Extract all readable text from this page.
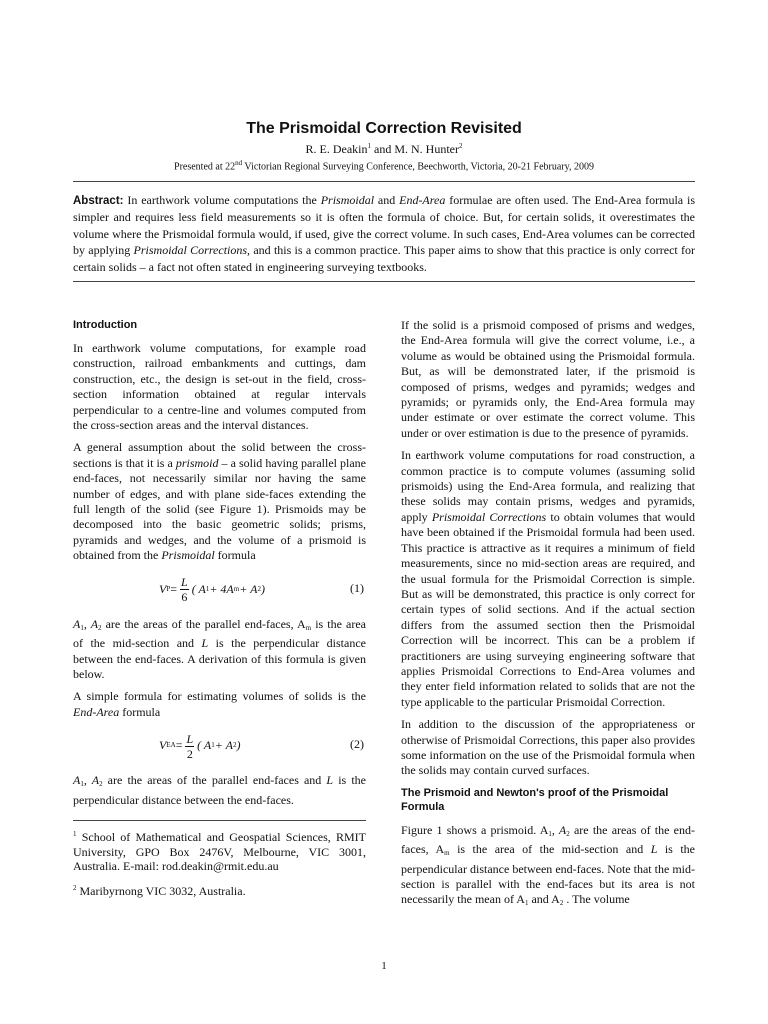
The Prismoidal Correction Revisited
R. E. Deakin$^1$ and M. N. Hunter$^2$
Presented at 22nd Victorian Regional Surveying Conference, Beechworth, Victoria, 20-21 February, 2009

Abstract: In earthwork volume computations the Prismoidal and End-Area formulae are often used. The End-Area formula is simpler and requires less field measurements so it is often the formula of choice. But, for certain solids, it overestimates the volume where the Prismoidal formula would, if used, give the correct volume. In such cases, End-Area volumes can be corrected by applying Prismoidal Corrections, and this is a common practice. This paper aims to show that this practice is only correct for certain solids – a fact not often stated in engineering surveying textbooks.

Introduction

In earthwork volume computations, for example road construction, railroad embankments and cuttings, dam construction, etc., the design is set-out in the field, cross-section information obtained at regular intervals perpendicular to a centre-line and volumes computed from the cross-section areas and the interval distances.

A general assumption about the solid between the cross-sections is that it is a prismoid – a solid having parallel plane end-faces, not necessarily similar nor having the same number of edges, and with plane side-faces extending the full length of the solid (see Figure 1). Prismoids may be decomposed into the basic geometric solids; prisms, pyramids and wedges, and the volume of a prismoid is obtained from the Prismoidal formula

V $P = \frac{L}{6}$ ( A 1 + 4A m + A 2 )	(1)

$A_1$, $A_2$ are the areas of the parallel end-faces, $A_m$ is the area of the mid-section and L is the perpendicular distance between the end-faces. A derivation of this formula is given below.

A simple formula for estimating volumes of solids is the End-Area formula

V EA = $\frac{L}{2}$ ( A 1 + A 2 )	(2)

$A_1$, $A_2$ are the areas of the parallel end-faces and L is the perpendicular distance between the end-faces.

$^1$ School of Mathematical and Geospatial Sciences, RMIT University, GPO Box 2476V, Melbourne, VIC 3001, Australia. E-mail: rod.deakin@rmit.edu.au

$^2$ Maribyrnong VIC 3032, Australia.

If the solid is a prismoid composed of prisms and wedges, the End-Area formula will give the correct volume, i.e., a volume as would be obtained using the Prismoidal formula. But, as will be demonstrated later, if the prismoid is composed of prisms, wedges and pyramids; wedges and pyramids; or pyramids only, the End-Area formula may under estimate or over estimate the correct volume. This under or over estimation is due to the presence of pyramids.

In earthwork volume computations for road construction, a common practice is to compute volumes (assuming solid prismoids) using the End-Area formula, and realizing that these solids may contain prisms, wedges and pyramids, apply Prismoidal Corrections to obtain volumes that would have been obtained if the Prismoidal formula had been used. This practice is attractive as it requires a minimum of field measurements, since no mid-section areas are required, and the usual formula for the Prismoidal Correction is simple. But as will be demonstrated, this practice is only correct for certain types of solid sections. And if the actual section differs from the assumed section then the Prismoidal Correction will be incorrect. This can be a problem if practitioners are using surveying engineering software that applies Prismoidal Corrections to End-Area volumes and they enter field information related to solids that are not the type applicable to the particular Prismoidal Correction.

In addition to the discussion of the appropriateness or otherwise of Prismoidal Corrections, this paper also provides some information on the use of the Prismoidal formula when the solids may contain curved surfaces.

The Prismoid and Newton's proof of the Prismoidal Formula

Figure 1 shows a prismoid. $A_1$, $A_2$ are the areas of the end-faces, $A_m$ is the area of the mid-section and L is the perpendicular distance between end-faces. Note that the mid-section is parallel with the end-faces but its area is not necessarily the mean of $A_1$ and $A_2$ . The volume

1
